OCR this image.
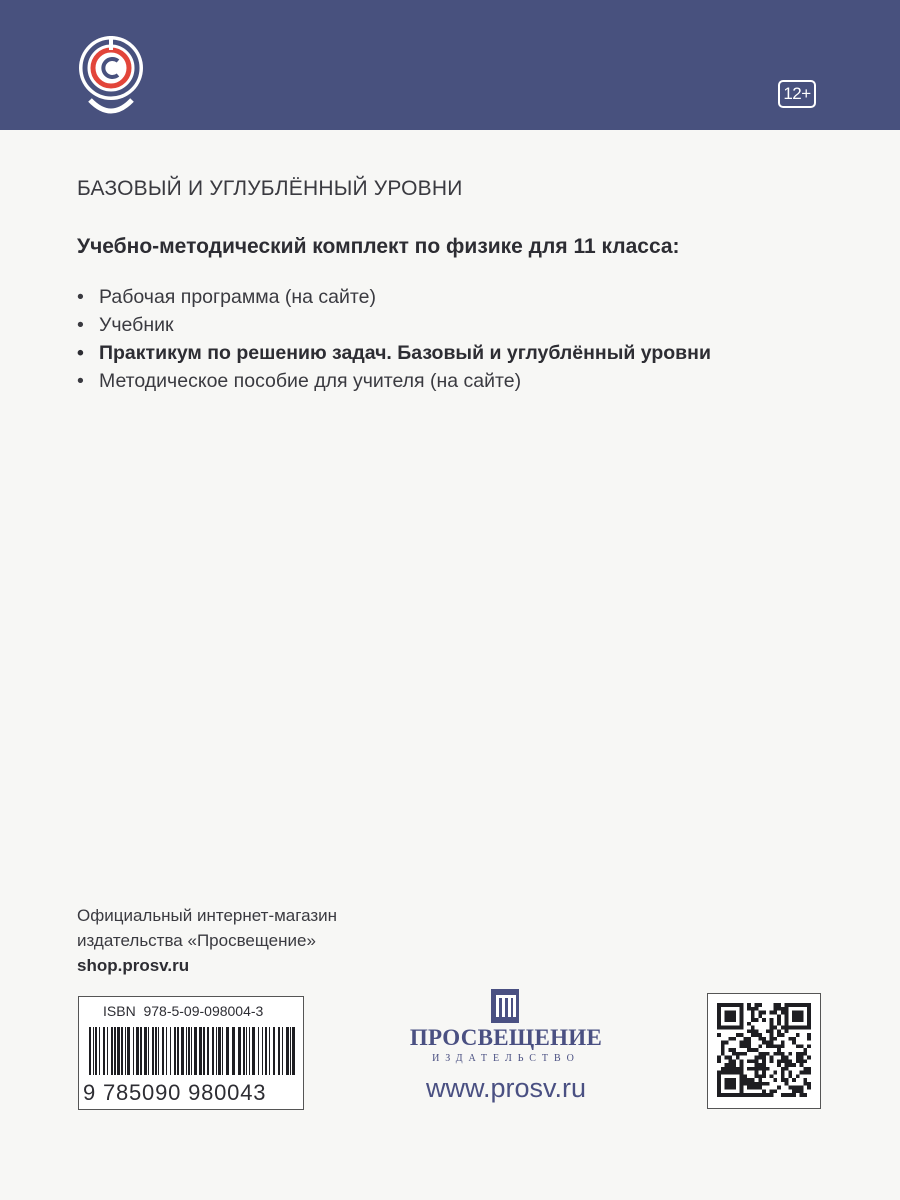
12+
БАЗОВЫЙ И УГЛУБЛЁННЫЙ УРОВНИ
Учебно-методический комплект по физике для 11 класса:
• Рабочая программа (на сайте)
• Учебник
• Практикум по решению задач. Базовый и углублённый уровни
• Методическое пособие для учителя (на сайте)
Официальный интернет-магазин
издательства «Просвещение»
shop.prosv.ru
ISBN  978-5-09-098004-3
9 785090 980043
ПРОСВЕЩЕНИЕ
ИЗДАТЕЛЬСТВО
www.prosv.ru
